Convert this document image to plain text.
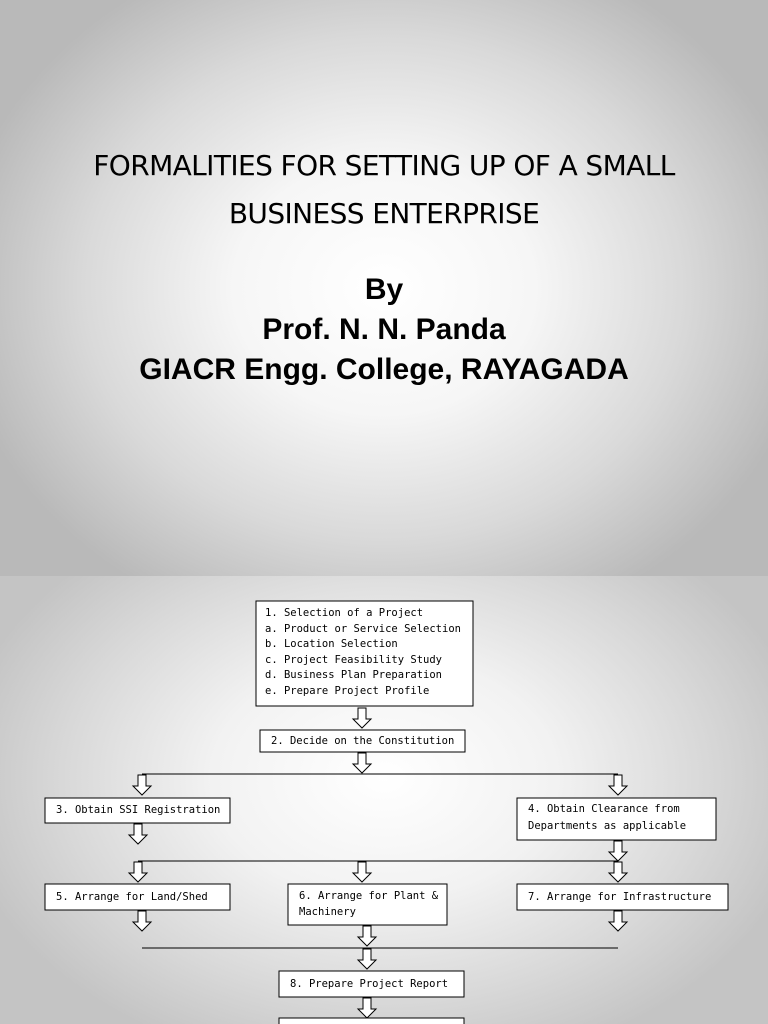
FORMALITIES FOR SETTING UP OF A SMALL
BUSINESS ENTERPRISE
By
Prof. N. N. Panda
GIACR Engg. College, RAYAGADA
1. Selection of a Project
a. Product or Service Selection
b. Location Selection
c. Project Feasibility Study
d. Business Plan Preparation
e. Prepare Project Profile
2. Decide on the Constitution
3. Obtain SSI Registration	4. Obtain Clearance from
Departments as applicable
5. Arrange for Land/Shed	6. Arrange for Plant &
Machinery
7. Arrange for Infrastructure
8. Prepare Project Report
